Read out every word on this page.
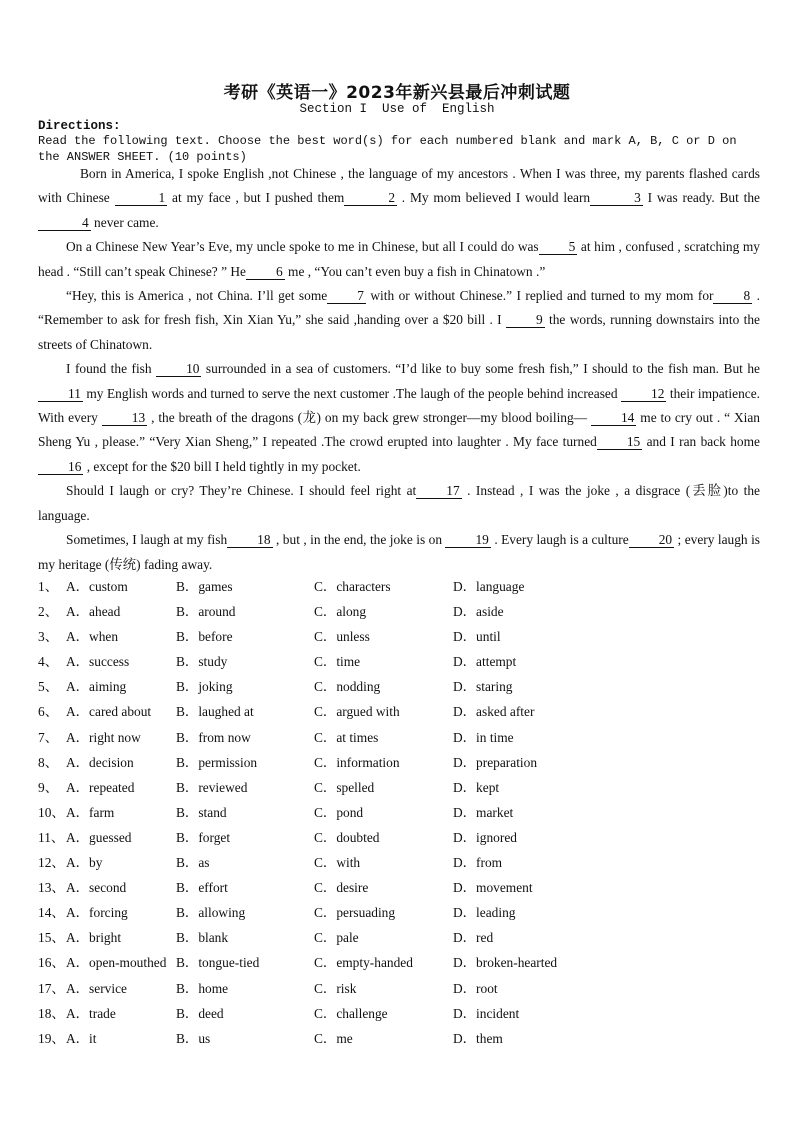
考研《英语一》2023年新兴县最后冲刺试题
Section I  Use of  English
Directions:
Read the following text. Choose the best word(s) for each numbered blank and mark A, B, C or D on the ANSWER SHEET. (10 points)

Born in America, I spoke English ,not Chinese , the language of my ancestors . When I was three, my parents flashed cards with Chinese	1 at my face , but I pushed them	2 . My mom believed I would learn	3 I was ready. But the4 never came.

On a Chinese New Year’s Eve, my uncle spoke to me in Chinese, but all I could do was 5 at him , confused , scratching my head . “Still can’t speak Chinese? ” He 6 me , “You can’t even buy a fish in Chinatown .”

“Hey, this is America , not China. I’ll get some 7 with or without Chinese.” I replied and turned to my mom for 8 . “Remember to ask for fresh fish, Xin Xian Yu,” she said ,handing over a $20 bill . I 9 the words, running downstairs into the streets of Chinatown.

I found the fish 10 surrounded in a sea of customers. “I’d like to buy some fresh fish,” I should to the fish man. But he11 my English words and turned to serve the next customer .The laugh of the people behind increased 12 their impatience. With every 13 , the breath of the dragons (龙) on my back grew stronger—my blood boiling— 14 me to cry out . “ Xian Sheng Yu , please.” “Very Xian Sheng,” I repeated .The crowd erupted into laughter . My face turned 15 and I ran back home 16 , except for the $20 bill I held tightly in my pocket.

Should I laugh or cry? They’re Chinese. I should feel right at 17 . Instead , I was the joke , a disgrace (丢脸)to the language.

Sometimes, I laugh at my fish 18 , but , in the end, the joke is on 19 . Every laugh is a culture 20 ; every laugh is my heritage (传统) fading away.

1、 A．custom	B．games	C．characters	D．language
2、 A．ahead	B．around	C．along	D．aside
3、 A．when	B．before	C．unless	D．until
4、 A．success	B．study	C．time	D．attempt
5、 A．aiming	B．joking	C．nodding	D．staring
6、 A．cared about B．laughed at	C．argued with	D．asked after
7、 A．right now	B．from now	C．at times	D．in time
8、 A．decision	B．permission	C．information	D．preparation
9、 A．repeated	B．reviewed	C．spelled	D．kept
10、 A．farm	B．stand	C．pond	D．market
11、 A．guessed	B．forget	C．doubted	D．ignored
12、 A．by	B．as	C．with	D．from
13、 A．second	B．effort	C．desire	D．movement
14、 A．forcing	B．allowing	C．persuading	D．leading
15、 A．bright	B．blank	C．pale	D．red
16、 A．open-mouthed B．tongue-tied	C．empty-handed	D．broken-hearted
17、 A．service	B．home	C．risk	D．root
18、 A．trade	B．deed	C．challenge	D．incident
19、 A．it	B．us	C．me	D．them
